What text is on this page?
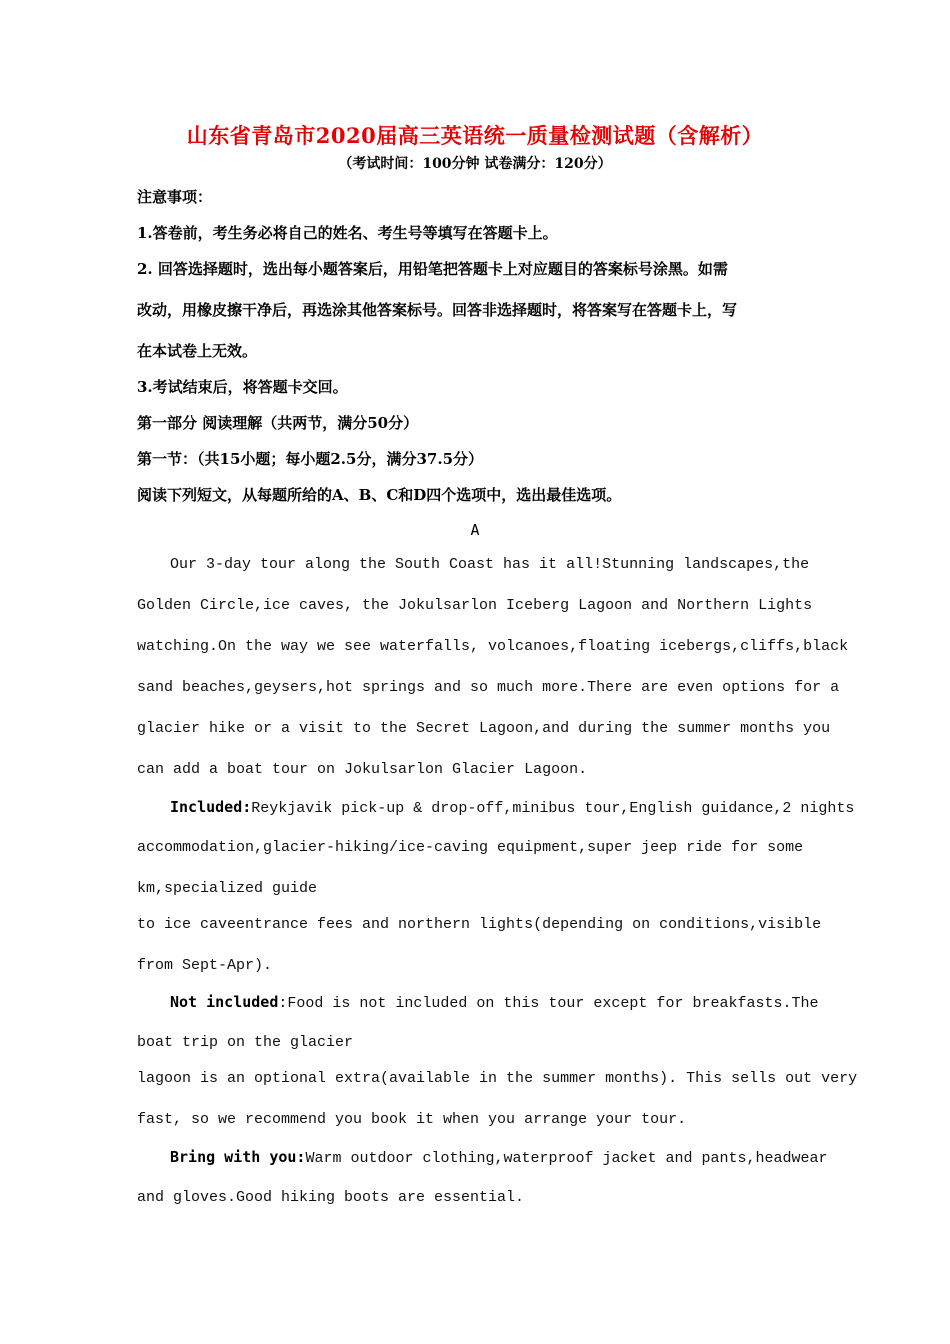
山东省青岛市2020届高三英语统一质量检测试题（含解析）
（考试时间：100分钟 试卷满分：120分）
注意事项：
1.答卷前，考生务必将自己的姓名、考生号等填写在答题卡上。
2. 回答选择题时，选出每小题答案后，用铅笔把答题卡上对应题目的答案标号涂黑。如需
改动，用橡皮擦干净后，再选涂其他答案标号。回答非选择题时，将答案写在答题卡上，写
在本试卷上无效。
3.考试结束后，将答题卡交回。
第一部分 阅读理解（共两节，满分50分）
第一节：（共15小题；每小题2.5分，满分37.5分）
阅读下列短文，从每题所给的A、B、C和D四个选项中，选出最佳选项。
A
Our 3-day tour along the South Coast has it all!Stunning landscapes,the
Golden Circle,ice caves, the Jokulsarlon Iceberg Lagoon and Northern Lights
watching.On the way we see waterfalls, volcanoes,floating icebergs,cliffs,black
sand beaches,geysers,hot springs and so much more.There are even options for a
glacier hike or a visit to the Secret Lagoon,and during the summer months you
can add a boat tour on Jokulsarlon Glacier Lagoon.
Included:Reykjavik pick-up & drop-off,minibus tour,English guidance,2 nights
accommodation,glacier-hiking/ice-caving equipment,super jeep ride for some
km,specialized guide
to ice caveentrance fees and northern lights(depending on conditions,visible
from Sept-Apr).
Not included:Food is not included on this tour except for breakfasts.The
boat trip on the glacier
lagoon is an optional extra(available in the summer months). This sells out very
fast, so we recommend you book it when you arrange your tour.
Bring with you:Warm outdoor clothing,waterproof jacket and pants,headwear
and gloves.Good hiking boots are essential.
